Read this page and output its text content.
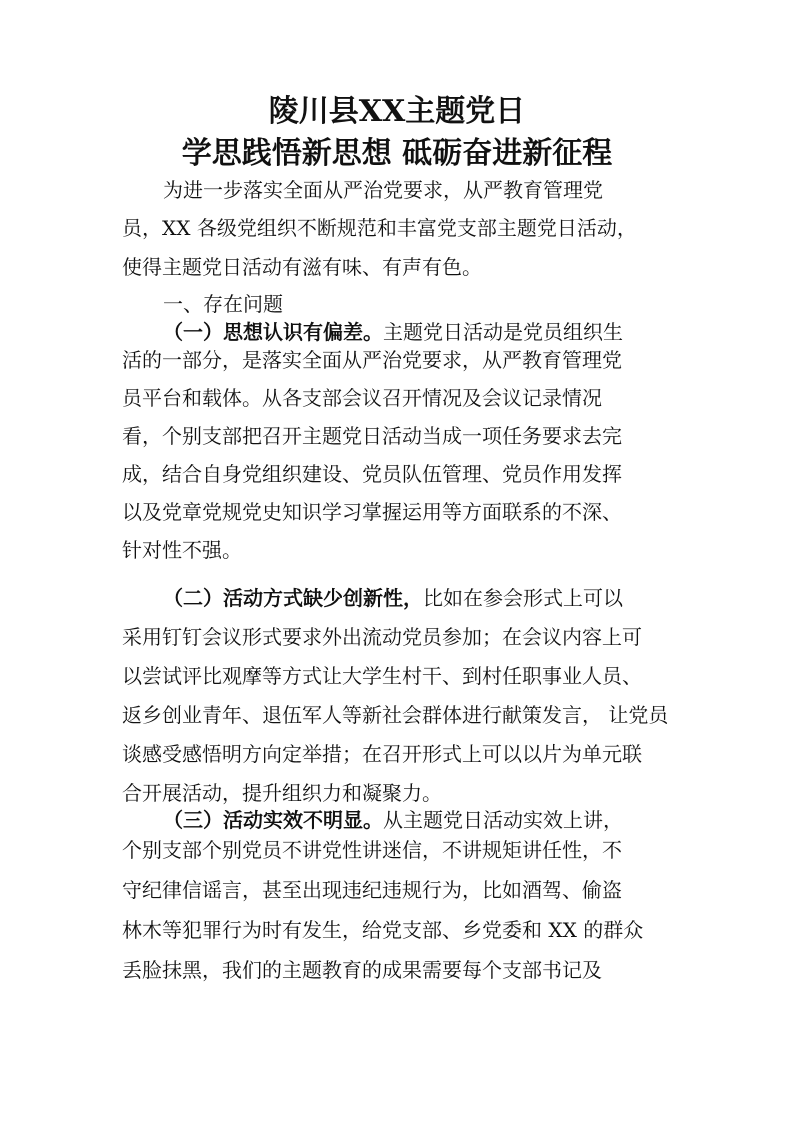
陵川县XX主题党日
学思践悟新思想 砥砺奋进新征程

为进一步落实全面从严治党要求，从严教育管理党

员，XX 各级党组织不断规范和丰富党支部主题党日活动，

使得主题党日活动有滋有味、有声有色。

一、存在问题

（一）思想认识有偏差。主题党日活动是党员组织生

活的一部分，是落实全面从严治党要求，从严教育管理党

员平台和载体。从各支部会议召开情况及会议记录情况

看，个别支部把召开主题党日活动当成一项任务要求去完

成，结合自身党组织建设、党员队伍管理、党员作用发挥

以及党章党规党史知识学习掌握运用等方面联系的不深、

针对性不强。

（二）活动方式缺少创新性，比如在参会形式上可以

采用钉钉会议形式要求外出流动党员参加；在会议内容上可

以尝试评比观摩等方式让大学生村干、到村任职事业人员、

返乡创业青年、退伍军人等新社会群体进行献策发言， 让党员

谈感受感悟明方向定举措；在召开形式上可以以片为单元联

合开展活动，提升组织力和凝聚力。

（三）活动实效不明显。从主题党日活动实效上讲，

个别支部个别党员不讲党性讲迷信，不讲规矩讲任性，不

守纪律信谣言，甚至出现违纪违规行为，比如酒驾、偷盗

林木等犯罪行为时有发生，给党支部、乡党委和 XX 的群众

丢脸抹黑，我们的主题教育的成果需要每个支部书记及
